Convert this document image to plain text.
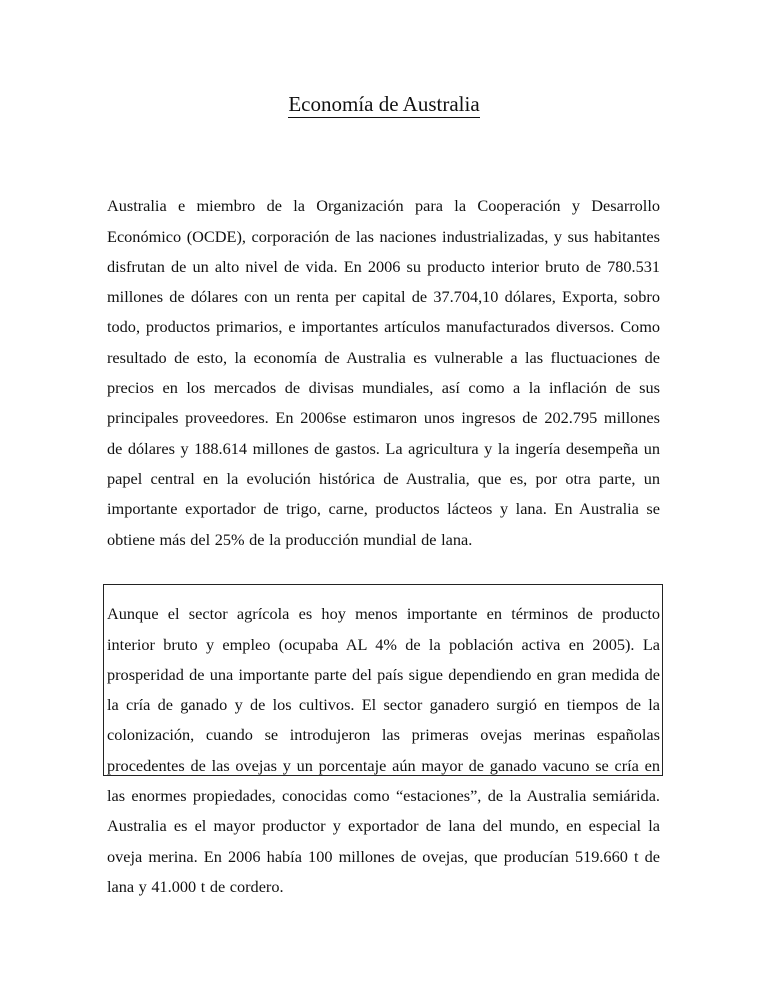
Economía de Australia

Australia e miembro de la Organización para la Cooperación y Desarrollo Económico (OCDE), corporación de las naciones industrializadas, y sus habitantes disfrutan de un alto nivel de vida. En 2006 su producto interior bruto de 780.531 millones de dólares con un renta per capital de 37.704,10 dólares, Exporta, sobro todo, productos primarios, e importantes artículos manufacturados diversos. Como resultado de esto, la economía de Australia es vulnerable a las fluctuaciones de precios en los mercados de divisas mundiales, así como a la inflación de sus principales proveedores. En 2006se estimaron unos ingresos de 202.795 millones de dólares y 188.614 millones de gastos. La agricultura y la ingería desempeña un papel central en la evolución histórica de Australia, que es, por otra parte, un importante exportador de trigo, carne, productos lácteos y lana. En Australia se obtiene más del 25% de la producción mundial de lana.

Aunque el sector agrícola es hoy menos importante en términos de producto interior bruto y empleo (ocupaba AL 4% de la población activa en 2005). La prosperidad de una importante parte del país sigue dependiendo en gran medida de la cría de ganado y de los cultivos. El sector ganadero surgió en tiempos de la colonización, cuando se introdujeron las primeras ovejas merinas españolas procedentes de las ovejas y un porcentaje aún mayor de ganado vacuno se cría en las enormes propiedades, conocidas como “estaciones”, de la Australia semiárida. Australia es el mayor productor y exportador de lana del mundo, en especial la oveja merina. En 2006 había 100 millones de ovejas, que producían 519.660 t de lana y 41.000 t de cordero.
